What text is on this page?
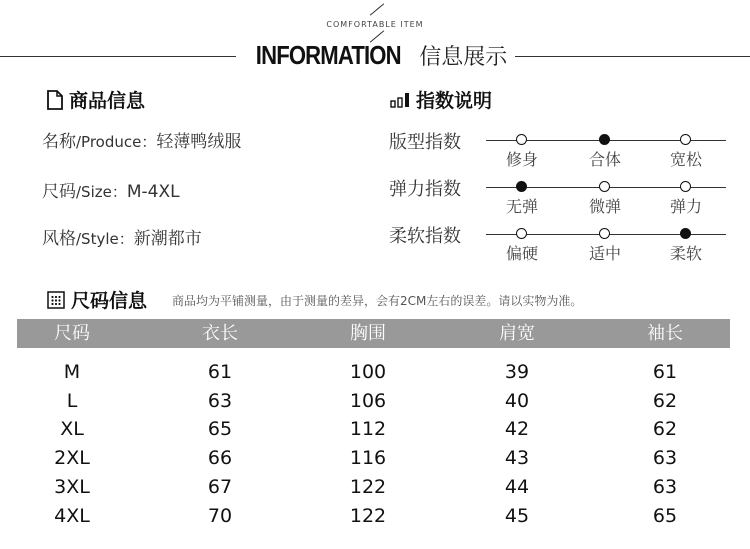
COMFORTABLE ITEM
INFORMATION 信息展示
商品信息
名称/Produce：轻薄鸭绒服
尺码/Size：M-4XL
风格/Style：新潮都市
指数说明
版型指数
修身	合体	宽松
弹力指数
无弹	微弹	弹力
柔软指数
偏硬	适中	柔软
尺码信息 商品均为平铺测量，由于测量的差异，会有2CM左右的误差。请以实物为准。
尺码	衣长	胸围	肩宽	袖长
M	61	100	39	61
L	63	106	40	62
XL	65	112	42	62
2XL	66	116	43	63
3XL	67	122	44	63
4XL	70	122	45	65
